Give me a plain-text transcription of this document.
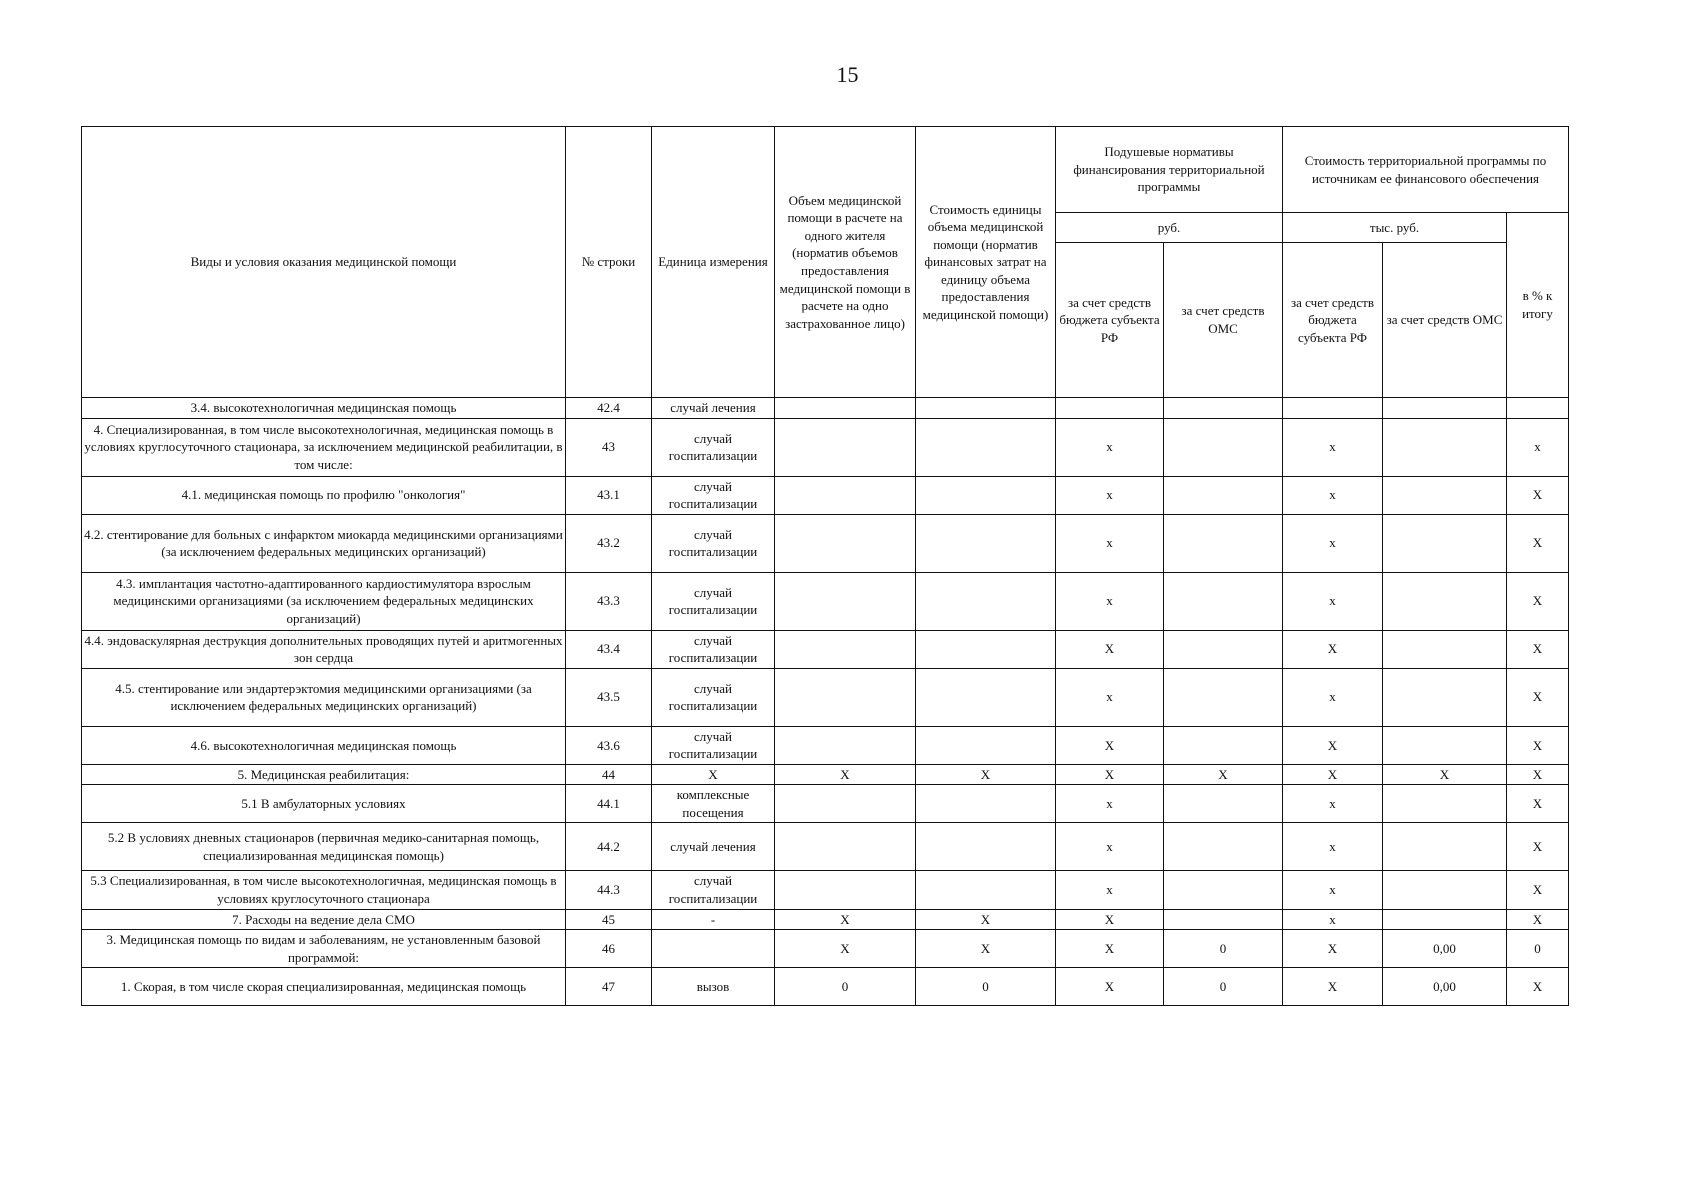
15
Виды и условия оказания медицинской помощи	№ строки	Единица измерения	Объем медицинской помощи в расчете на одного жителя (норматив объемов предоставления медицинской помощи в расчете на одно застрахованное лицо)	Стоимость единицы объема медицинской помощи (норматив финансовых затрат на единицу объема предоставления медицинской помощи)	Подушевые нормативы финансирования территориальной программы		Стоимость территориальной программы по источникам ее финансового обеспечения		
					руб.		тыс. руб.		в % к итогу
					за счет средств бюджета субъекта РФ	за счет средств ОМС	за счет средств бюджета субъекта РФ	за счет средств ОМС	
3.4. высокотехнологичная медицинская помощь	42.4	случай лечения							
4. Специализированная, в том числе высокотехнологичная, медицинская помощь в условиях круглосуточного стационара, за исключением медицинской реабилитации, в том числе:	43	случай госпитализации			x		x		x
4.1. медицинская помощь по профилю "онкология"	43.1	случай госпитализации			x		x		X
4.2. стентирование для больных с инфарктом миокарда медицинскими организациями (за исключением федеральных медицинских организаций)	43.2	случай госпитализации			x		x		X
4.3. имплантация частотно-адаптированного кардиостимулятора взрослым медицинскими организациями (за исключением федеральных медицинских организаций)	43.3	случай госпитализации			x		x		X
4.4. эндоваскулярная деструкция дополнительных проводящих путей и аритмогенных зон сердца	43.4	случай госпитализации			X		X		X
4.5. стентирование или эндартерэктомия медицинскими организациями (за исключением федеральных медицинских организаций)	43.5	случай госпитализации			x		x		X
4.6. высокотехнологичная медицинская помощь	43.6	случай госпитализации			X		X		X
5. Медицинская реабилитация:	44	X	X	X	X	X	X	X	X
5.1 В амбулаторных условиях	44.1	комплексные посещения			x		x		X
5.2 В условиях дневных стационаров (первичная медико-санитарная помощь, специализированная медицинская помощь)	44.2	случай лечения			x		x		X
5.3 Специализированная, в том числе высокотехнологичная, медицинская помощь в условиях круглосуточного стационара	44.3	случай госпитализации			x		x		X
7. Расходы на ведение дела СМО	45	-	X	X	X		x		X
3. Медицинская помощь по видам и заболеваниям, не установленным базовой программой:	46		X	X	X	0	X	0,00	0
1. Скорая, в том числе скорая специализированная, медицинская помощь	47	вызов	0	0	X	0	X	0,00	X
